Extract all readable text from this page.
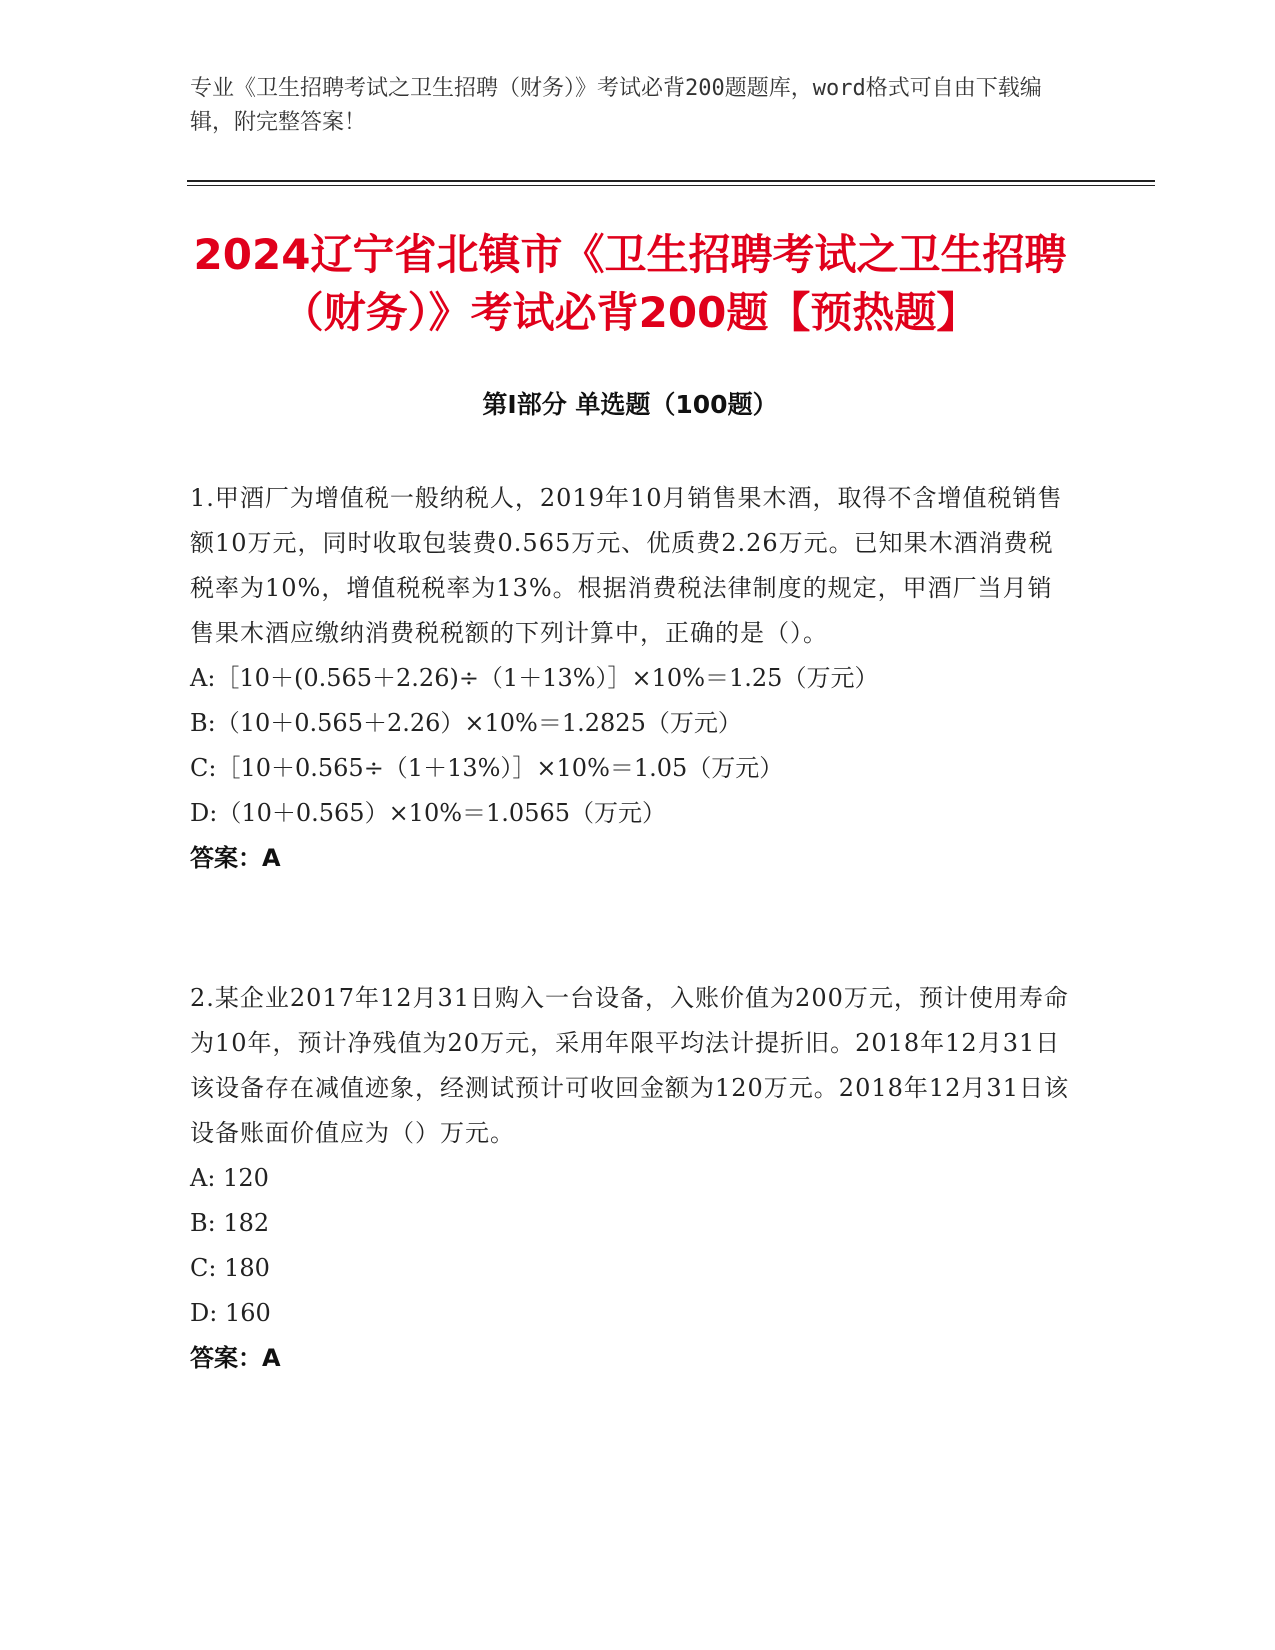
专业《卫生招聘考试之卫生招聘（财务）》考试必背200题题库，word格式可自由下载编辑，附完整答案！
2024辽宁省北镇市《卫生招聘考试之卫生招聘（财务）》考试必背200题【预热题】
第I部分 单选题（100题）
1.甲酒厂为增值税一般纳税人，2019年10月销售果木酒，取得不含增值税销售额10万元，同时收取包装费0.565万元、优质费2.26万元。已知果木酒消费税税率为10%，增值税税率为13%。根据消费税法律制度的规定，甲酒厂当月销售果木酒应缴纳消费税税额的下列计算中，正确的是（）。
A:［10＋(0.565＋2.26)÷（1＋13%）］×10%＝1.25（万元）
B:（10＋0.565＋2.26）×10%＝1.2825（万元）
C:［10＋0.565÷（1＋13%）］×10%＝1.05（万元）
D:（10＋0.565）×10%＝1.0565（万元）
答案：A
2.某企业2017年12月31日购入一台设备，入账价值为200万元，预计使用寿命为10年，预计净残值为20万元，采用年限平均法计提折旧。2018年12月31日该设备存在减值迹象，经测试预计可收回金额为120万元。2018年12月31日该设备账面价值应为（）万元。
A: 120
B: 182
C: 180
D: 160
答案：A
